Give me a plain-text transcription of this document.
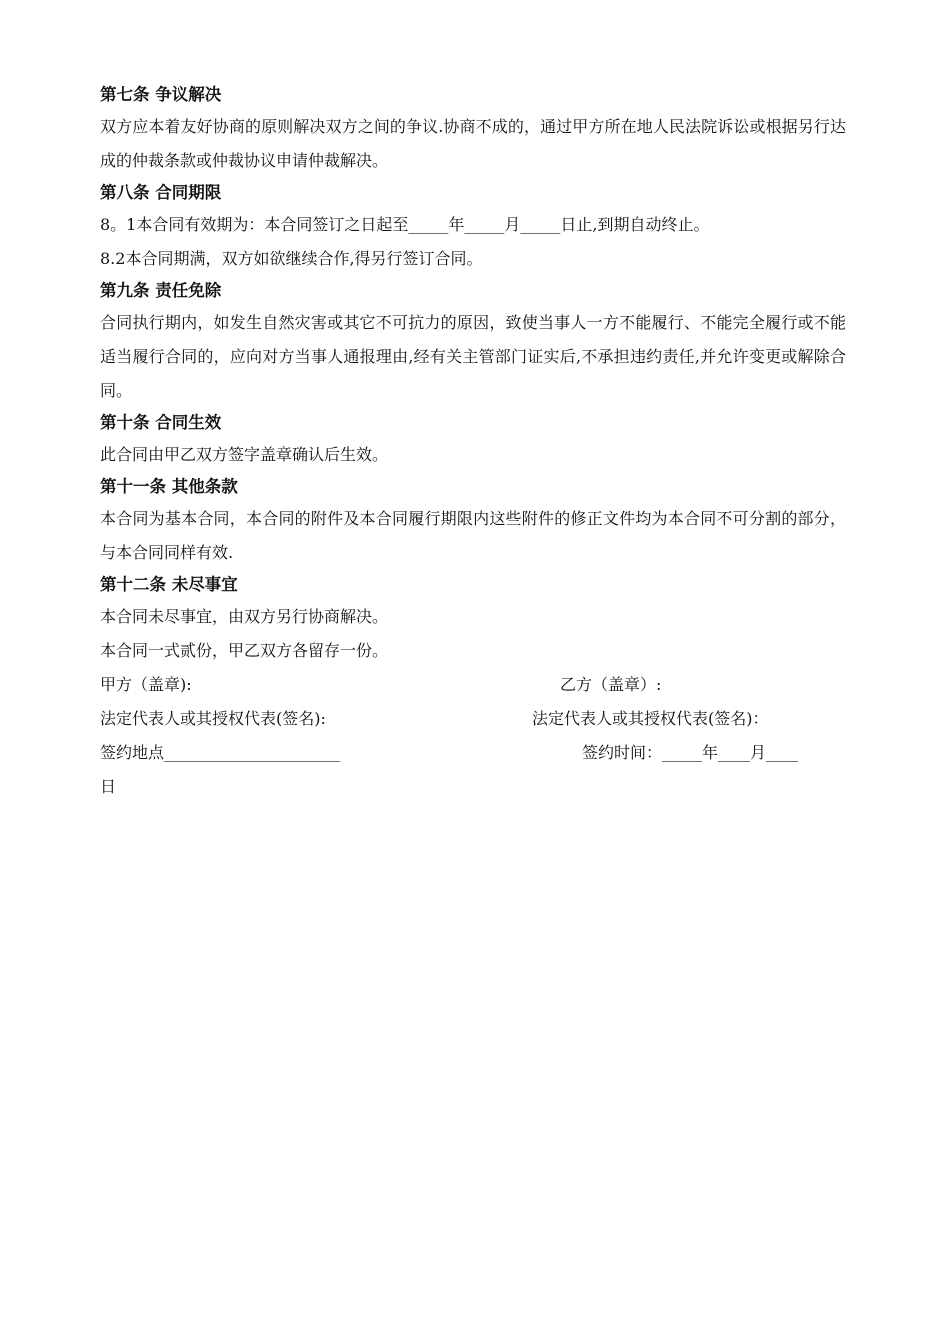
第七条 争议解决

双方应本着友好协商的原则解决双方之间的争议.协商不成的，通过甲方所在地人民法院诉讼或根据另行达成的仲裁条款或仲裁协议申请仲裁解决。

第八条 合同期限

8。1本合同有效期为：本合同签订之日起至_____年_____月_____日止,到期自动终止。

8.2本合同期满，双方如欲继续合作,得另行签订合同。

第九条 责任免除

合同执行期内，如发生自然灾害或其它不可抗力的原因，致使当事人一方不能履行、不能完全履行或不能适当履行合同的，应向对方当事人通报理由,经有关主管部门证实后,不承担违约责任,并允许变更或解除合同。

第十条 合同生效

此合同由甲乙双方签字盖章确认后生效。

第十一条 其他条款

本合同为基本合同，本合同的附件及本合同履行期限内这些附件的修正文件均为本合同不可分割的部分，与本合同同样有效.

第十二条 未尽事宜

本合同未尽事宜，由双方另行协商解决。

本合同一式贰份，甲乙双方各留存一份。

甲方（盖章):	乙方（盖章）:
法定代表人或其授权代表(签名):	法定代表人或其授权代表(签名)：
签约地点______________________	签约时间：_____年____月____
日
